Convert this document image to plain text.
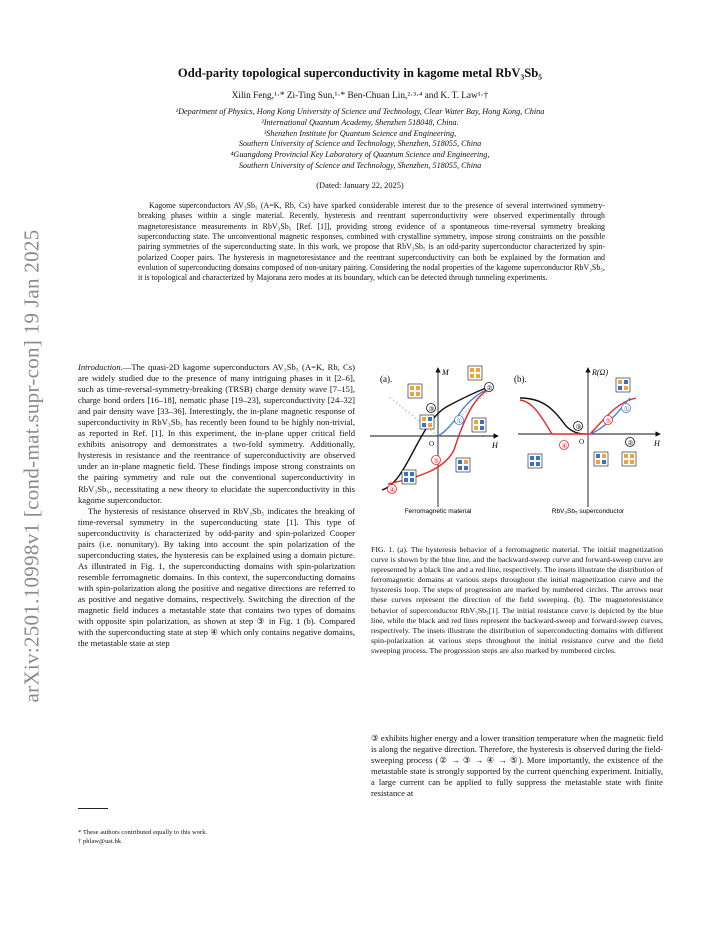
arXiv:2501.10998v1 [cond-mat.supr-con] 19 Jan 2025
Odd-parity topological superconductivity in kagome metal RbV₃Sb₅
Xilin Feng,¹·* Zi-Ting Sun,¹·* Ben-Chuan Lin,²·³·⁴ and K. T. Law¹·†
¹Department of Physics, Hong Kong University of Science and Technology, Clear Water Bay, Hong Kong, China
²International Quantum Academy, Shenzhen 518048, China.
³Shenzhen Institute for Quantum Science and Engineering,
Southern University of Science and Technology, Shenzhen, 518055, China
⁴Guangdong Provincial Key Laboratory of Quantum Science and Engineering,
Southern University of Science and Technology, Shenzhen, 518055, China
(Dated: January 22, 2025)
Kagome superconductors AV₃Sb₅ (A=K, Rb, Cs) have sparked considerable interest due to the presence of several intertwined symmetry-breaking phases within a single material. Recently, hysteresis and reentrant superconductivity were observed experimentally through magnetoresistance measurements in RbV₃Sb₅ [Ref. [1]], providing strong evidence of a spontaneous time-reversal symmetry breaking superconducting state. The unconventional magnetic responses, combined with crystalline symmetry, impose strong constraints on the possible pairing symmetries of the superconducting state. In this work, we propose that RbV₃Sb₅ is an odd-parity superconductor characterized by spin-polarized Cooper pairs. The hysteresis in magnetoresistance and the reentrant superconductivity can both be explained by the formation and evolution of superconducting domains composed of non-unitary pairing. Considering the nodal properties of the kagome superconductor RbV₃Sb₅, it is topological and characterized by Majorana zero modes at its boundary, which can be detected through tunneling experiments.

Introduction.—The quasi-2D kagome superconductors AV₃Sb₅ (A=K, Rb, Cs) are widely studied due to the presence of many intriguing phases in it [2–6], such as time-reversal-symmetry-breaking (TRSB) charge density wave [7–15], charge bond orders [16–18], nematic phase [19–23], superconductivity [24–32] and pair density wave [33–36]. Interestingly, the in-plane magnetic response of superconductivity in RbV₃Sb₅ has recently been found to be highly non-trivial, as reported in Ref. [1]. In this experiment, the in-plane upper critical field exhibits anisotropy and demonstrates a two-fold symmetry. Additionally, hysteresis in resistance and the reentrance of superconductivity are observed under an in-plane magnetic field. These findings impose strong constraints on the pairing symmetry and rule out the conventional superconductivity in RbV₃Sb₅, necessitating a new theory to elucidate the superconductivity in this kagome superconductor.

The hysteresis of resistance observed in RbV₃Sb₅ indicates the breaking of time-reversal symmetry in the superconducting state [1]. This type of superconductivity is characterized by odd-parity and spin-polarized Cooper pairs (i.e. nonunitary). By taking into account the spin polarization of the superconducting states, the hysteresis can be explained using a domain picture. As illustrated in Fig. 1, the superconducting domains with spin-polarization resemble ferromagnetic domains. In this context, the superconducting domains with spin-polarization along the positive and negative directions are referred to as positive and negative domains, respectively. Switching the direction of the magnetic field induces a metastable state that contains two types of domains with opposite spin polarization, as shown at step ③ in Fig. 1 (b). Compared with the superconducting state at step ④ which only contains negative domains, the metastable state at step

* These authors contributed equally to this work.
† phlaw@ust.hk
(a).
M⃗
H⃗
O
②
③
①
④
⑤
Ferromagnetic material
(b).
R(Ω)
H⃗
O
①
②
③
④
⑤
RbV₃Sb₅ superconductor
FIG. 1. (a). The hysteresis behavior of a ferromagnetic material. The initial magnetization curve is shown by the blue line, and the backward-sweep curve and forward-sweep curve are represented by a black line and a red line, respectively. The insets illustrate the distribution of ferromagnetic domains at various steps throughout the initial magnetization curve and the hysteresis loop. The steps of progression are marked by numbered circles. The arrows near these curves represent the direction of the field sweeping. (b). The magnetoresistance behavior of superconductor RbV₃Sb₅[1]. The initial resistance curve is depicted by the blue line, while the black and red lines represent the backward-sweep and forward-sweep curves, respectively. The insets illustrate the distribution of superconducting domains with different spin-polarization at various steps throughout the initial resistance curve and the field sweeping process. The progression steps are also marked by numbered circles.

③ exhibits higher energy and a lower transition temperature when the magnetic field is along the negative direction. Therefore, the hysteresis is observed during the field-sweeping process (② → ③ → ④ → ⑤). More importantly, the existence of the metastable state is strongly supported by the current quenching experiment. Initially, a large current can be applied to fully suppress the metastable state with finite resistance at
